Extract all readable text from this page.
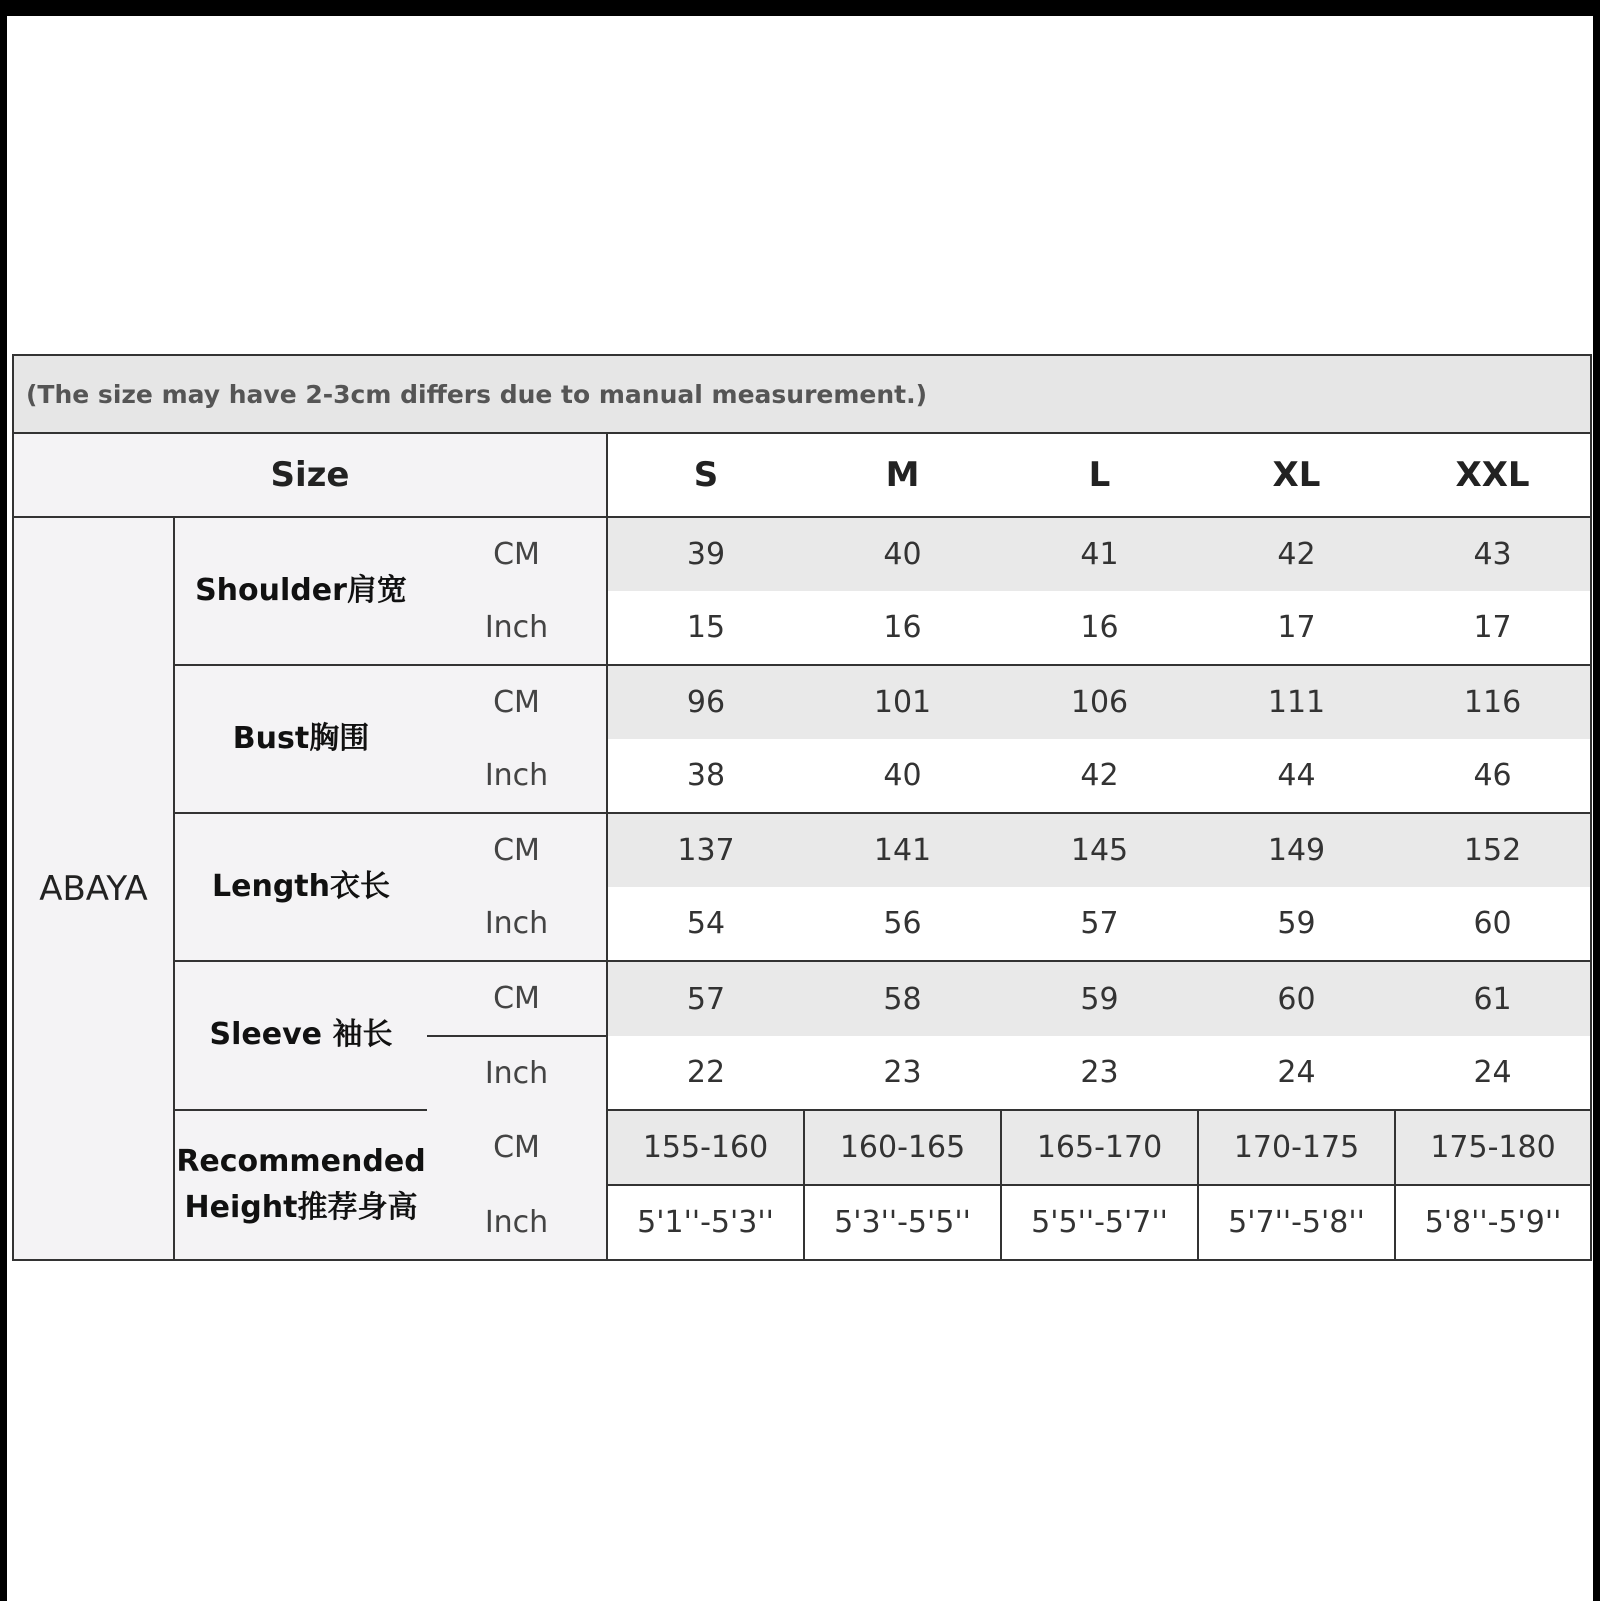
(The size may have 2-3cm differs due to manual measurement.)							
Size			S	M	L	XL	XXL
ABAYA	Shoulder肩宽	CM	39	40	41	42	43
		Inch	15	16	16	17	17
	Bust胸围	CM	96	101	106	111	116
		Inch	38	40	42	44	46
	Length衣长	CM	137	141	145	149	152
		Inch	54	56	57	59	60
	Sleeve 袖长	CM	57	58	59	60	61
		Inch	22	23	23	24	24
	Recommended Height推荐身高	CM	155-160	160-165	165-170	170-175	175-180
		Inch	5'1''-5'3''	5'3''-5'5''	5'5''-5'7''	5'7''-5'8''	5'8''-5'9''
